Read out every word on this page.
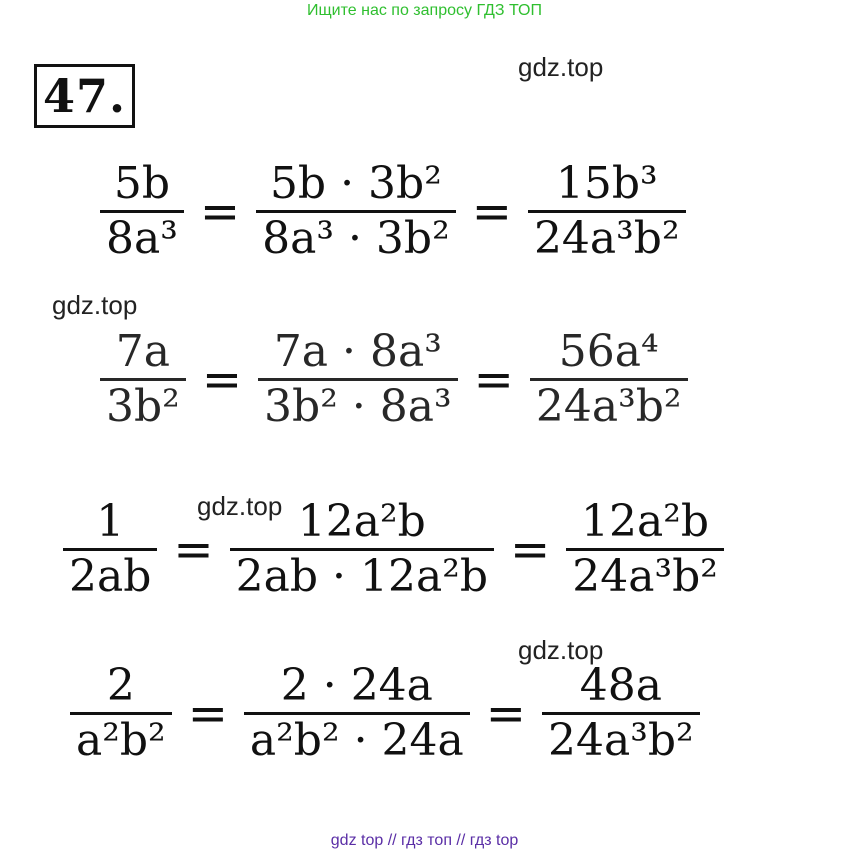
Ищите нас по запросу ГДЗ ТОП
47.
gdz.top
gdz.top
gdz.top
gdz.top
$\frac{5b}{\text{8a³}} = \frac{\text{5b · 3b²}}{\text{8a³ · 3b²}} = \frac{\text{15b³}}{\text{24a³b²}}$
$\frac{7a}{\text{3b²}} = \frac{\text{7a · 8a³}}{\text{3b² · 8a³}} = \frac{\text{56a⁴}}{\text{24a³b²}}$
$\frac{1}{2ab} = \frac{\text{12a²b}}{\text{2ab · 12a²b}} = \frac{\text{12a²b}}{\text{24a³b²}}$
$\frac{2}{\text{a²b²}} = \frac{2 \cdot 24a}{\text{a²b² · 24a}} = \frac{48a}{\text{24a³b²}}$
gdz top // гдз топ // гдз top
